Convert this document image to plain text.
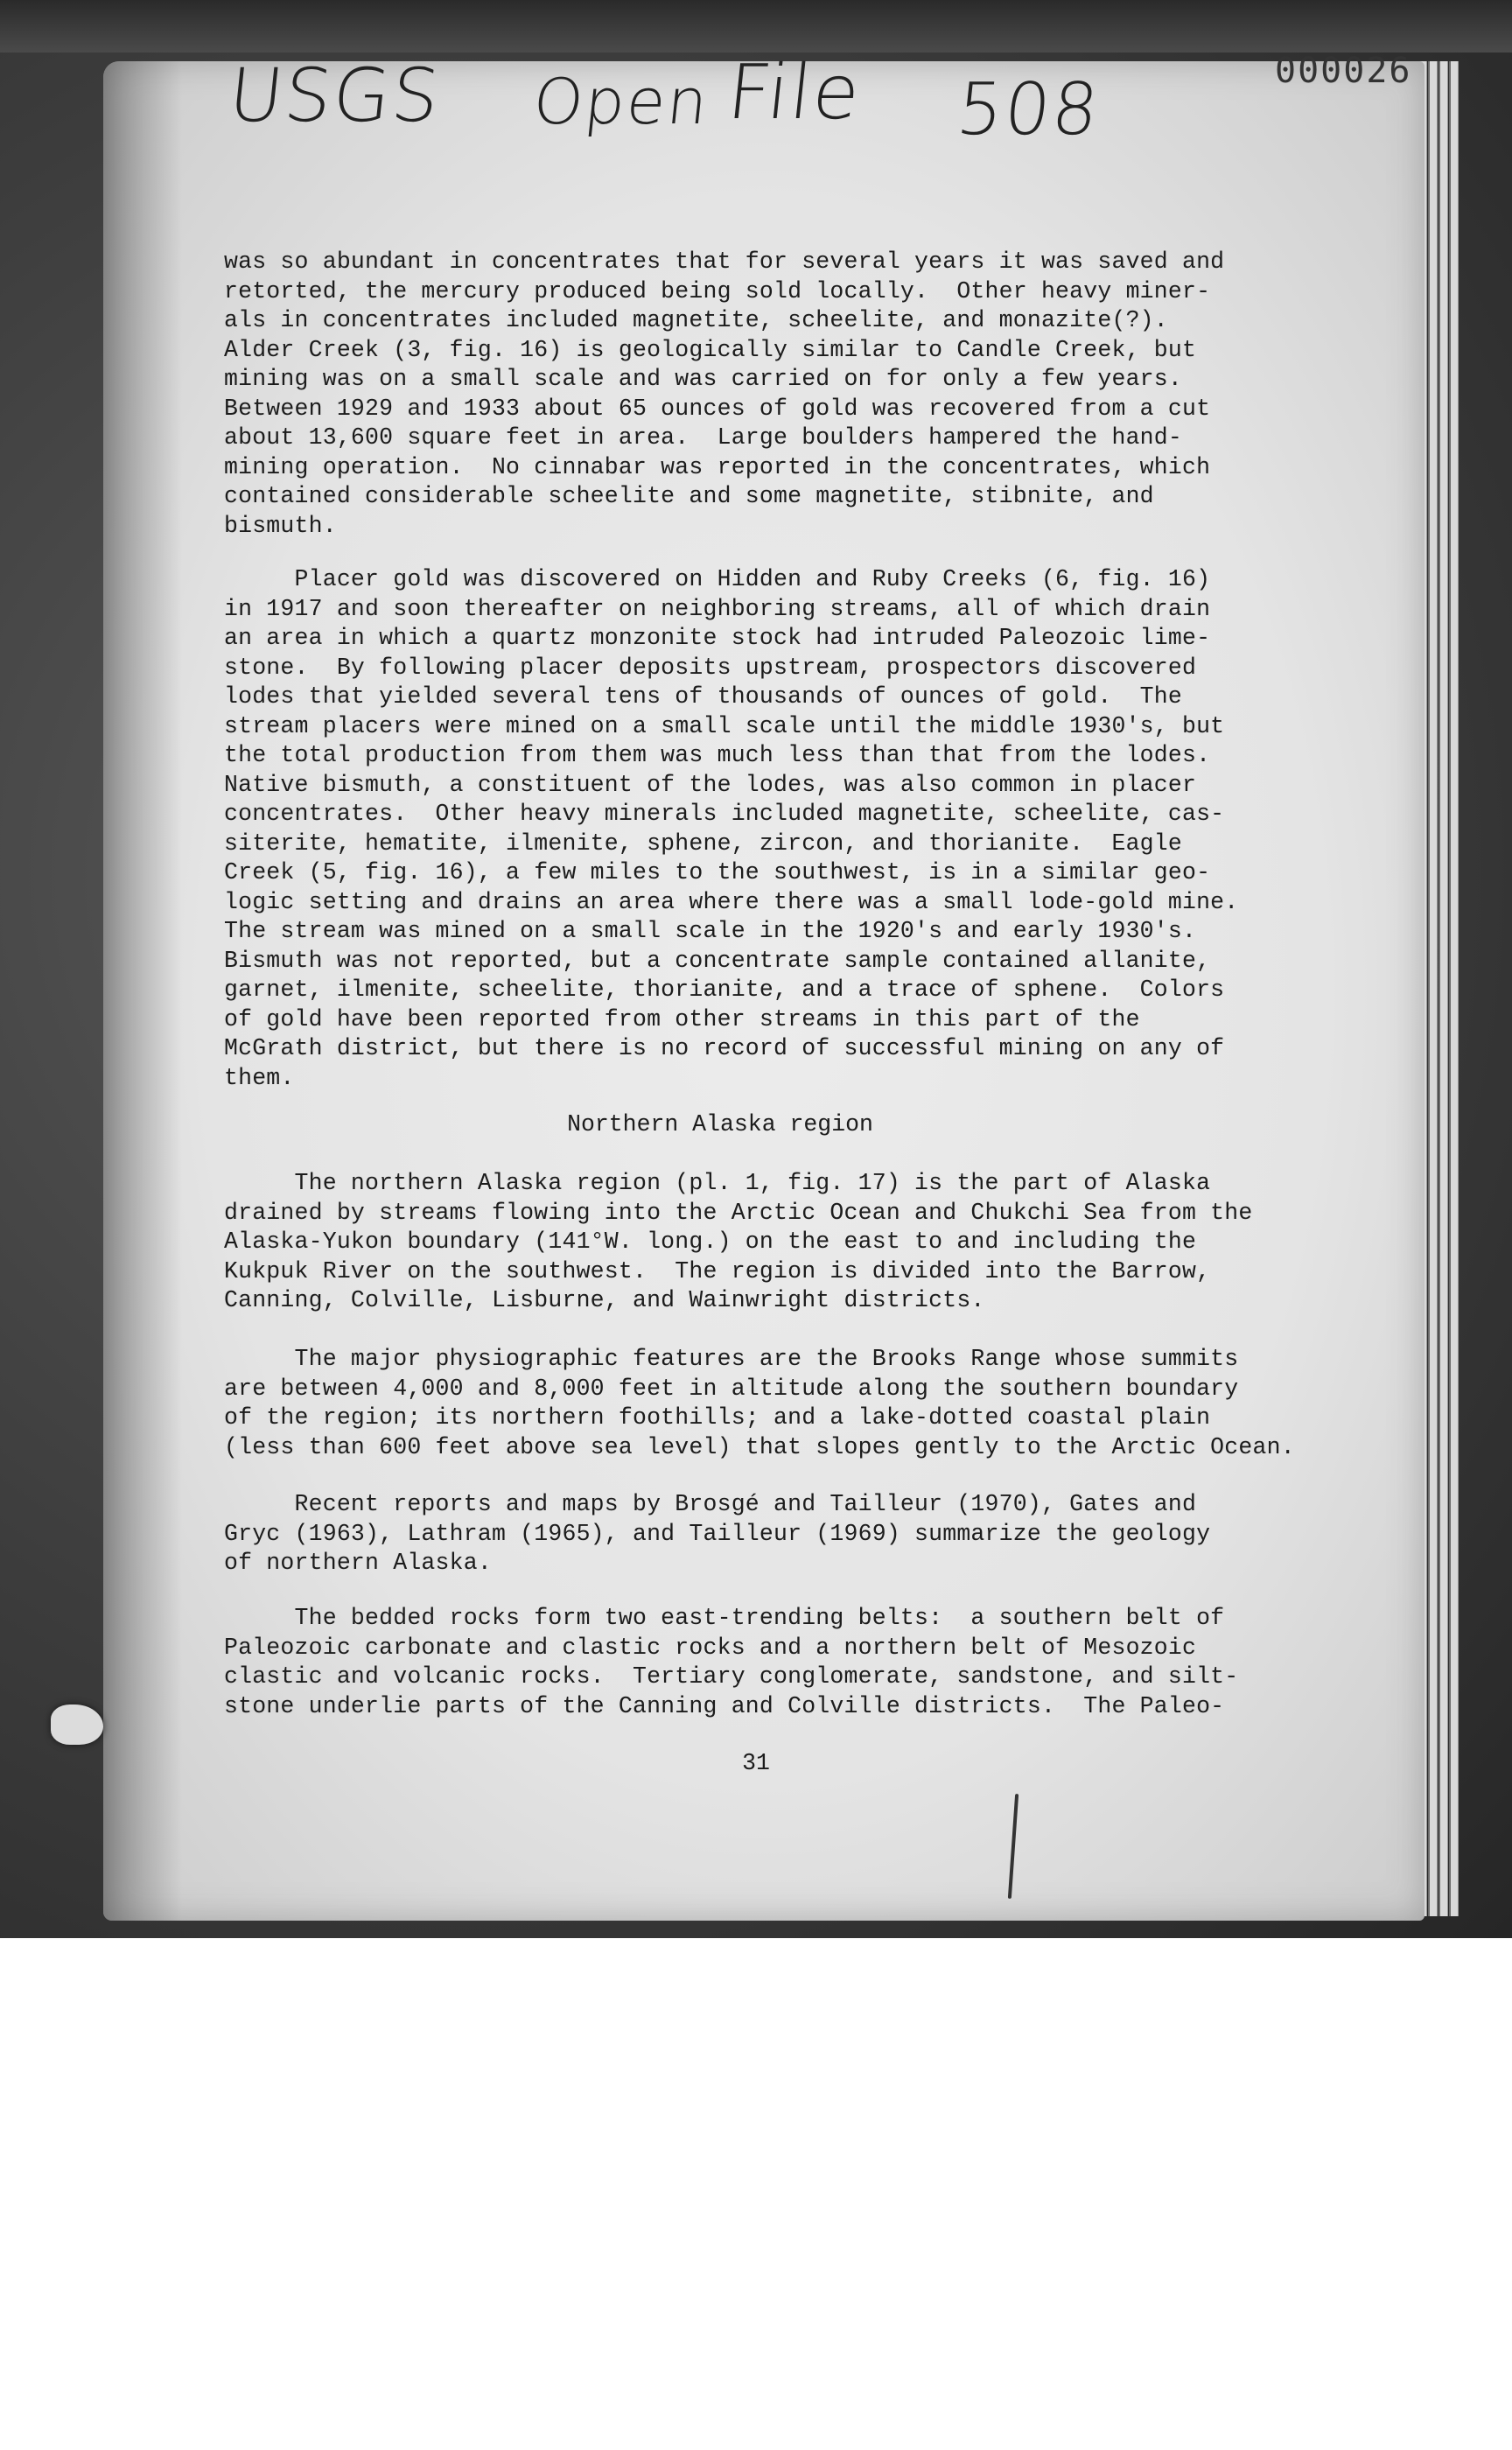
USGS Open File 508	000026
was so abundant in concentrates that for several years it was saved and
retorted, the mercury produced being sold locally.  Other heavy miner-
als in concentrates included magnetite, scheelite, and monazite(?).
Alder Creek (3, fig. 16) is geologically similar to Candle Creek, but
mining was on a small scale and was carried on for only a few years.
Between 1929 and 1933 about 65 ounces of gold was recovered from a cut
about 13,600 square feet in area.  Large boulders hampered the hand-
mining operation.  No cinnabar was reported in the concentrates, which
contained considerable scheelite and some magnetite, stibnite, and
bismuth.
Placer gold was discovered on Hidden and Ruby Creeks (6, fig. 16)
in 1917 and soon thereafter on neighboring streams, all of which drain
an area in which a quartz monzonite stock had intruded Paleozoic lime-
stone.  By following placer deposits upstream, prospectors discovered
lodes that yielded several tens of thousands of ounces of gold.  The
stream placers were mined on a small scale until the middle 1930's, but
the total production from them was much less than that from the lodes.
Native bismuth, a constituent of the lodes, was also common in placer
concentrates.  Other heavy minerals included magnetite, scheelite, cas-
siterite, hematite, ilmenite, sphene, zircon, and thorianite.  Eagle
Creek (5, fig. 16), a few miles to the southwest, is in a similar geo-
logic setting and drains an area where there was a small lode-gold mine.
The stream was mined on a small scale in the 1920's and early 1930's.
Bismuth was not reported, but a concentrate sample contained allanite,
garnet, ilmenite, scheelite, thorianite, and a trace of sphene.  Colors
of gold have been reported from other streams in this part of the
McGrath district, but there is no record of successful mining on any of
them.
Northern Alaska region
The northern Alaska region (pl. 1, fig. 17) is the part of Alaska
drained by streams flowing into the Arctic Ocean and Chukchi Sea from the
Alaska-Yukon boundary (141°W. long.) on the east to and including the
Kukpuk River on the southwest.  The region is divided into the Barrow,
Canning, Colville, Lisburne, and Wainwright districts.
The major physiographic features are the Brooks Range whose summits
are between 4,000 and 8,000 feet in altitude along the southern boundary
of the region; its northern foothills; and a lake-dotted coastal plain
(less than 600 feet above sea level) that slopes gently to the Arctic Ocean.
Recent reports and maps by Brosgé and Tailleur (1970), Gates and
Gryc (1963), Lathram (1965), and Tailleur (1969) summarize the geology
of northern Alaska.
The bedded rocks form two east-trending belts:  a southern belt of
Paleozoic carbonate and clastic rocks and a northern belt of Mesozoic
clastic and volcanic rocks.  Tertiary conglomerate, sandstone, and silt-
stone underlie parts of the Canning and Colville districts.  The Paleo-
31
